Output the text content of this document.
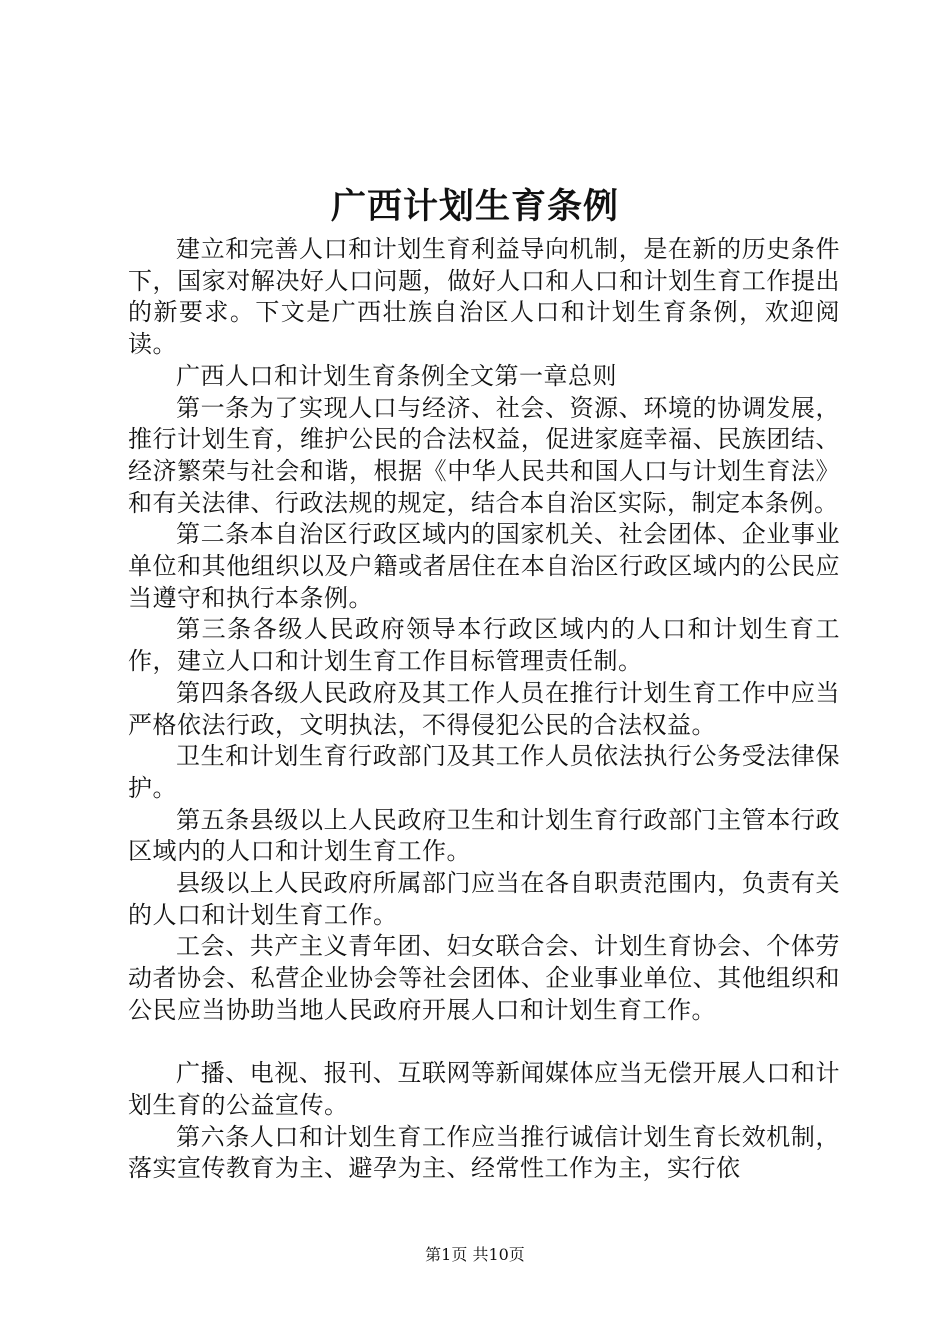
广西计划生育条例

建立和完善人口和计划生育利益导向机制，是在新的历史条件下，国家对解决好人口问题，做好人口和人口和计划生育工作提出的新要求。下文是广西壮族自治区人口和计划生育条例，欢迎阅读。

广西人口和计划生育条例全文第一章总则

第一条为了实现人口与经济、社会、资源、环境的协调发展，推行计划生育，维护公民的合法权益，促进家庭幸福、民族团结、经济繁荣与社会和谐，根据《中华人民共和国人口与计划生育法》和有关法律、行政法规的规定，结合本自治区实际，制定本条例。

第二条本自治区行政区域内的国家机关、社会团体、企业事业单位和其他组织以及户籍或者居住在本自治区行政区域内的公民应当遵守和执行本条例。

第三条各级人民政府领导本行政区域内的人口和计划生育工作，建立人口和计划生育工作目标管理责任制。

第四条各级人民政府及其工作人员在推行计划生育工作中应当严格依法行政，文明执法，不得侵犯公民的合法权益。

卫生和计划生育行政部门及其工作人员依法执行公务受法律保护。

第五条县级以上人民政府卫生和计划生育行政部门主管本行政区域内的人口和计划生育工作。

县级以上人民政府所属部门应当在各自职责范围内，负责有关的人口和计划生育工作。

工会、共产主义青年团、妇女联合会、计划生育协会、个体劳动者协会、私营企业协会等社会团体、企业事业单位、其他组织和公民应当协助当地人民政府开展人口和计划生育工作。

广播、电视、报刊、互联网等新闻媒体应当无偿开展人口和计划生育的公益宣传。

第六条人口和计划生育工作应当推行诚信计划生育长效机制，落实宣传教育为主、避孕为主、经常性工作为主，实行依

第1页 共10页
